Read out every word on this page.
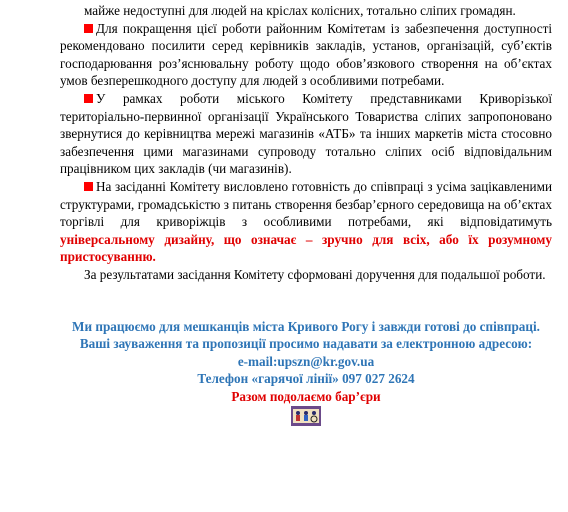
майже недоступні для людей на кріслах колісних, тотально сліпих громадян.

Для покращення цієї роботи районним Комітетам із забезпечення доступності рекомендовано посилити серед керівників закладів, установ, організацій, суб’єктів господарювання роз’яснювальну роботу щодо обов’язкового створення на об’єктах умов безперешкодного доступу для людей з особливими потребами.

У рамках роботи міського Комітету представниками Криворізької територіально-первинної організації Українського Товариства сліпих запропоновано звернутися до керівництва мережі магазинів «АТБ» та інших маркетів міста стосовно забезпечення цими магазинами супроводу тотально сліпих осіб відповідальним працівником цих закладів (чи магазинів).

На засіданні Комітету висловлено готовність до співпраці з усіма зацікавленими структурами, громадськістю з питань створення безбар’єрного середовища на об’єктах торгівлі для криворіжців з особливими потребами, які відповідатимуть універсальному дизайну, що означає – зручно для всіх, або їх розумному пристосуванню.

За результатами засідання Комітету сформовані доручення для подальшої роботи.

Ми працюємо для мешканців міста Кривого Рогу і завжди готові до співпраці.

Ваші зауваження та пропозиції просимо надавати за електронною адресою:

e-mail:upszn@kr.gov.ua

Телефон «гарячої лінії» 097 027 2624

Разом подолаємо бар’єри
